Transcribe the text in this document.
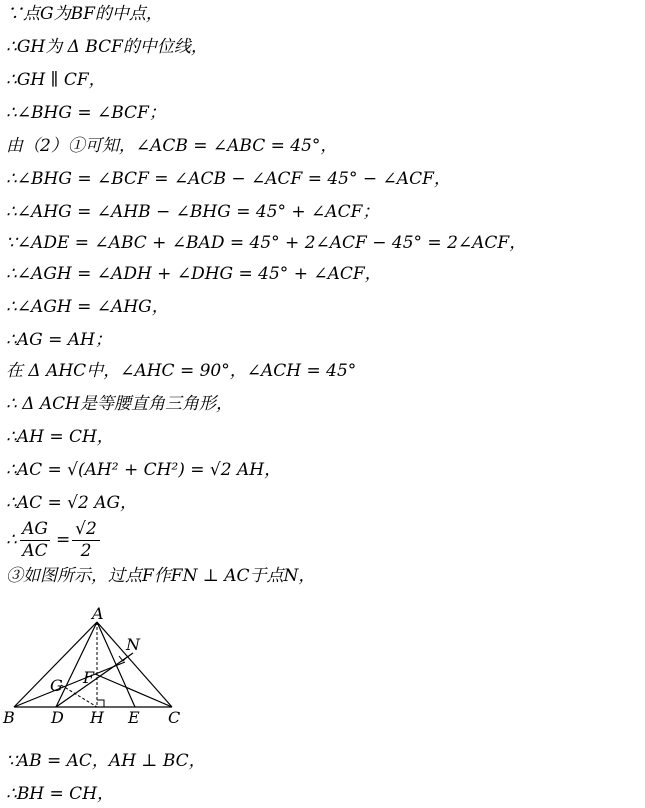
∵点G为BF的中点，
∴GH为 Δ BCF的中位线，
∴GH ∥ CF，
∴∠BHG = ∠BCF；
由（2）①可知，∠ACB = ∠ABC = 45°，
∴∠BHG = ∠BCF = ∠ACB − ∠ACF = 45° − ∠ACF，
∴∠AHG = ∠AHB − ∠BHG = 45° + ∠ACF；
∵∠ADE = ∠ABC + ∠BAD = 45° + 2∠ACF − 45° = 2∠ACF，
∴∠AGH = ∠ADH + ∠DHG = 45° + ∠ACF，
∴∠AGH = ∠AHG，
∴AG = AH；
在 Δ AHC中，∠AHC = 90°，∠ACH = 45°
∴ Δ ACH是等腰直角三角形，
∴AH = CH，
∴AC = √(AH² + CH²) = √2 AH，
∴AC = √2 AG，
∴
AG
AC
=
√2
2
③如图所示，过点F作FN ⊥ AC于点N，
A
B	C
D	E
F
G
H
N
∵AB = AC，AH ⊥ BC，
∴BH = CH，
